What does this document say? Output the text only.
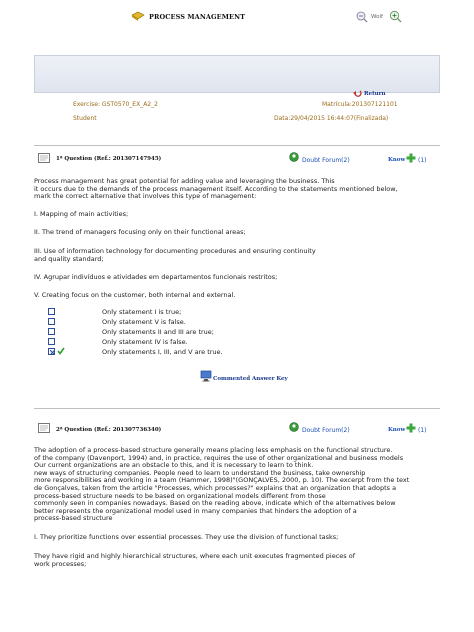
PROCESS MANAGEMENT	Wolf
Return
Exercise: GST0570_EX_A2_2	Matrícula:201307121101
Student	Data:29/04/2015 16:44:07(Finalizada)
1ª Question (Ref.: 201307147945)	Doubt Forum(2)	Know (1)

Process management has great potential for adding value and leveraging the business. This

it occurs due to the demands of the process management itself. According to the statements mentioned below,

mark the correct alternative that involves this type of management:

I. Mapping of main activities;
II. The trend of managers focusing only on their functional areas;
III. Use of information technology for documenting procedures and ensuring continuity
and quality standard;
IV. Agrupar indivíduos e atividades em departamentos funcionais restritos;
V. Creating focus on the customer, both internal and external.
Only statement I is true;
Only statement V is false.
Only statements II and III are true;
Only statement IV is false.
Only statements I, III, and V are true.
Commented Answer Key
2ª Question (Ref.: 201307736340)	Doubt Forum(2)	Know (1)

The adoption of a process-based structure generally means placing less emphasis on the functional structure.

of the company (Davenport, 1994) and, in practice, requires the use of other organizational and business models

Our current organizations are an obstacle to this, and it is necessary to learn to think.

new ways of structuring companies. People need to learn to understand the business, take ownership

more responsibilities and working in a team (Hammer, 1998)"(GONÇALVES, 2000, p. 10). The excerpt from the text

de Gonçalves, taken from the article "Processes, which processes?" explains that an organization that adopts a

process-based structure needs to be based on organizational models different from those

commonly seen in companies nowadays. Based on the reading above, indicate which of the alternatives below

better represents the organizational model used in many companies that hinders the adoption of a

process-based structure

I. They prioritize functions over essential processes. They use the division of functional tasks;
They have rigid and highly hierarchical structures, where each unit executes fragmented pieces of
work processes;
